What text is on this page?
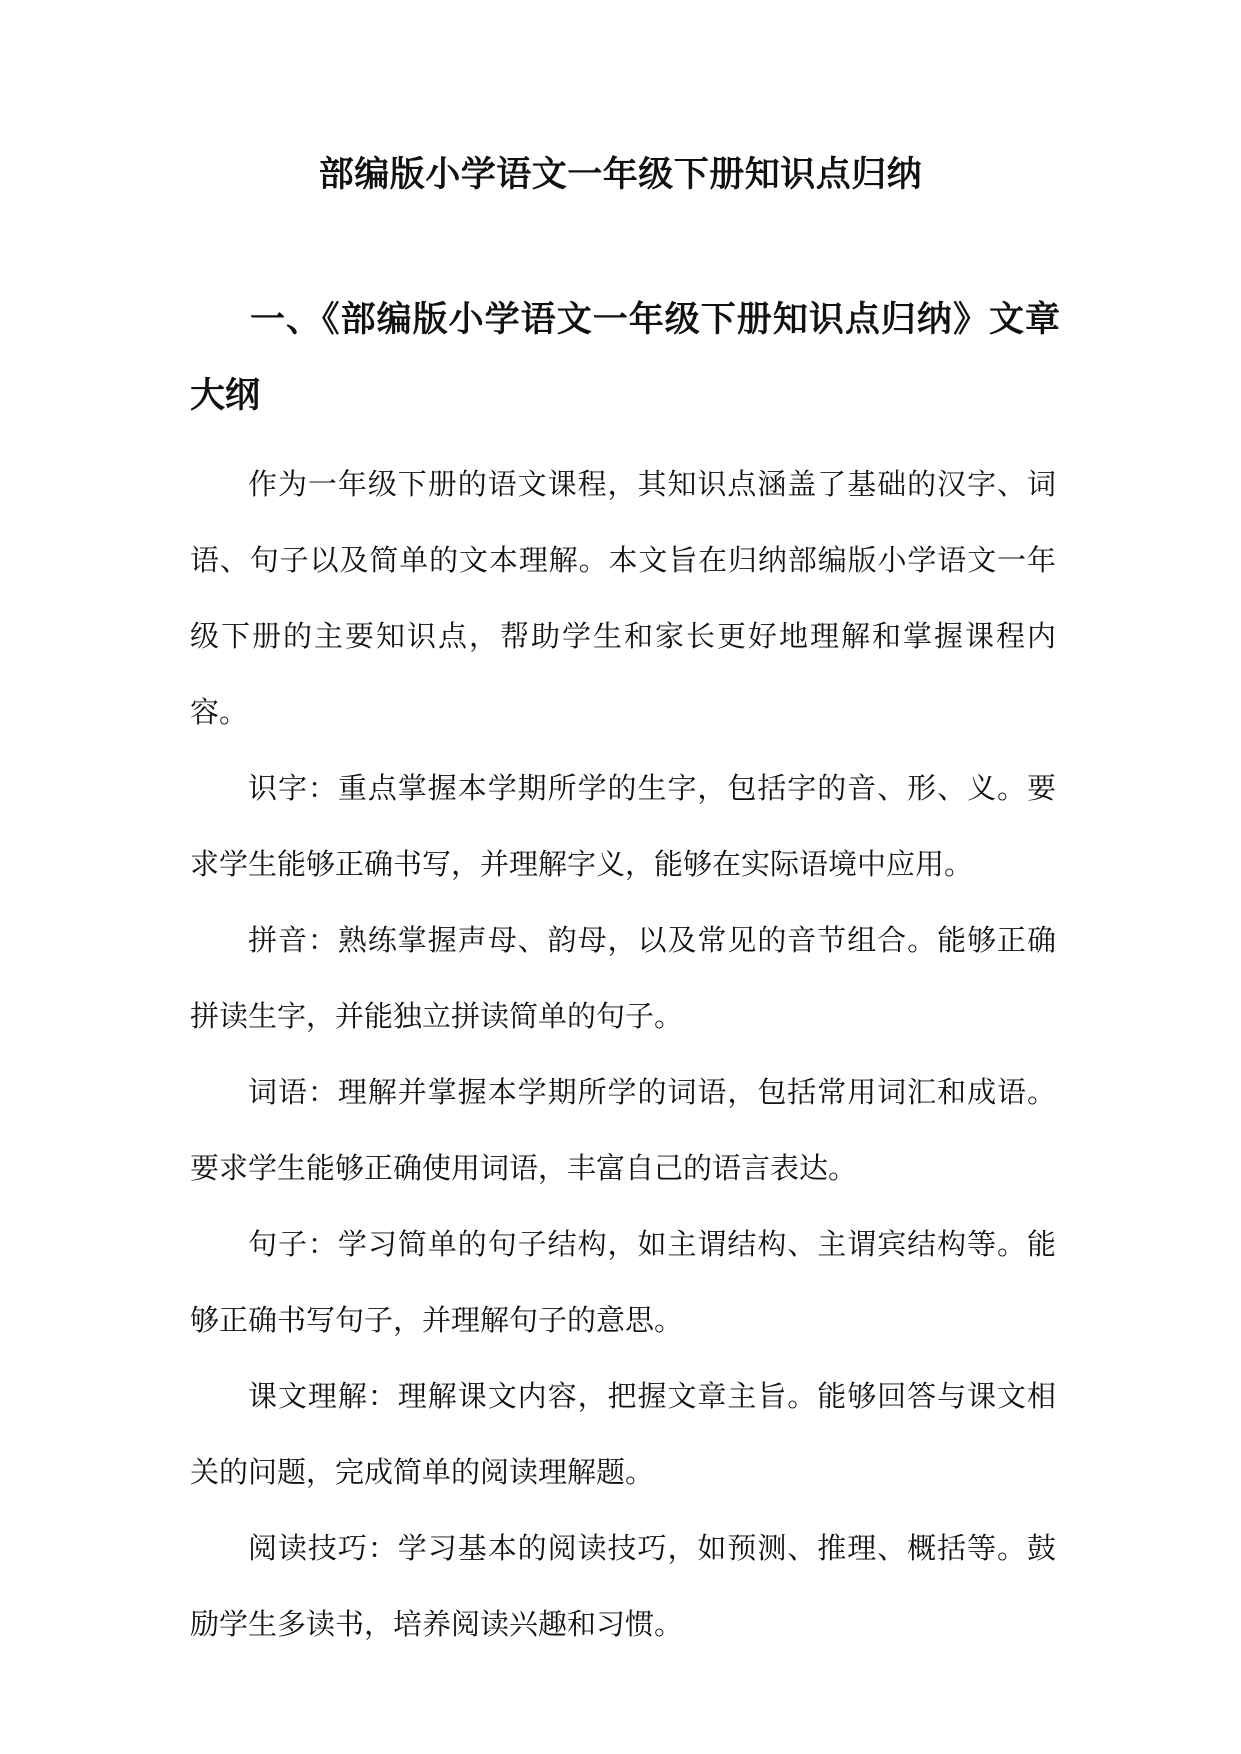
部编版小学语文一年级下册知识点归纳
一、《部编版小学语文一年级下册知识点归纳》文章大纲

作为一年级下册的语文课程，其知识点涵盖了基础的汉字、词语、句子以及简单的文本理解。本文旨在归纳部编版小学语文一年级下册的主要知识点，帮助学生和家长更好地理解和掌握课程内容。

识字：重点掌握本学期所学的生字，包括字的音、形、义。要求学生能够正确书写，并理解字义，能够在实际语境中应用。

拼音：熟练掌握声母、韵母，以及常见的音节组合。能够正确拼读生字，并能独立拼读简单的句子。

词语：理解并掌握本学期所学的词语，包括常用词汇和成语。要求学生能够正确使用词语，丰富自己的语言表达。

句子：学习简单的句子结构，如主谓结构、主谓宾结构等。能够正确书写句子，并理解句子的意思。

课文理解：理解课文内容，把握文章主旨。能够回答与课文相关的问题，完成简单的阅读理解题。

阅读技巧：学习基本的阅读技巧，如预测、推理、概括等。鼓励学生多读书，培养阅读兴趣和习惯。
